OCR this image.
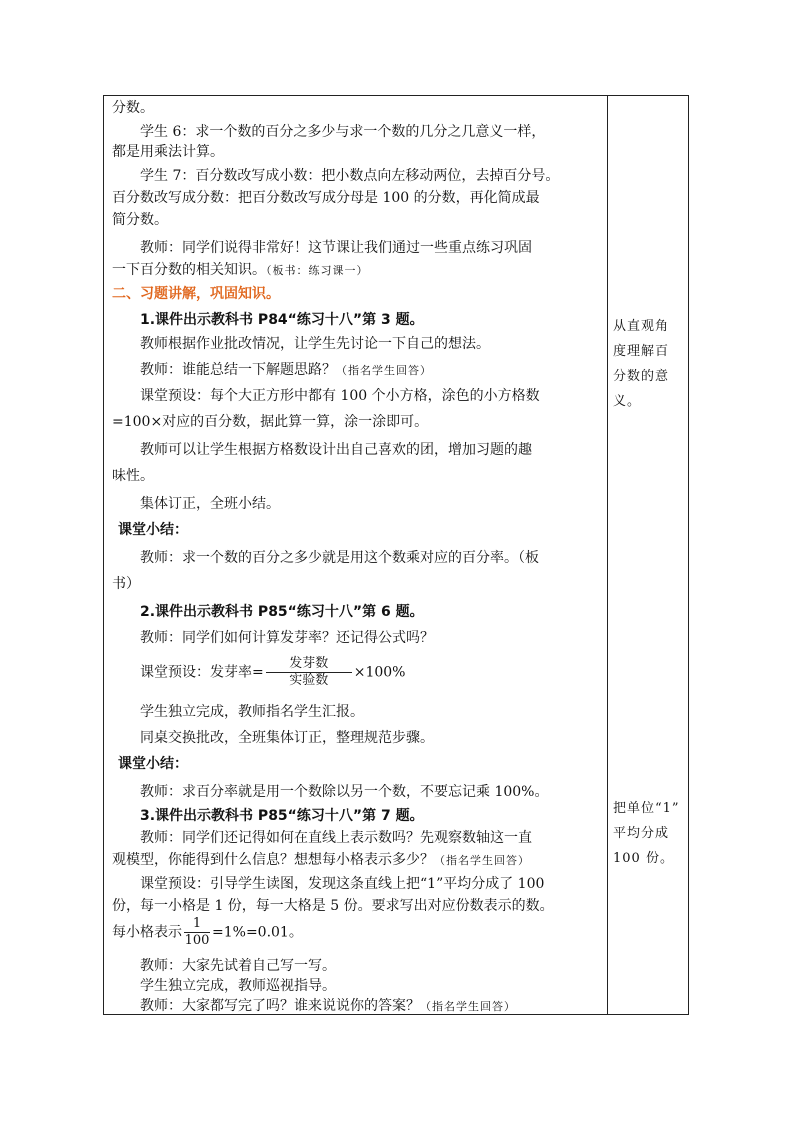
分数。
学生 6：求一个数的百分之多少与求一个数的几分之几意义一样，
都是用乘法计算。
学生 7：百分数改写成小数：把小数点向左移动两位，去掉百分号。
百分数改写成分数：把百分数改写成分母是 100 的分数，再化简成最
简分数。
教师：同学们说得非常好！这节课让我们通过一些重点练习巩固
一下百分数的相关知识。（板书：练习课一）
二、习题讲解，巩固知识。
1.课件出示教科书 P84“练习十八”第 3 题。
教师根据作业批改情况，让学生先讨论一下自己的想法。
教师：谁能总结一下解题思路？（指名学生回答）
课堂预设：每个大正方形中都有 100 个小方格，涂色的小方格数
=100×对应的百分数，据此算一算，涂一涂即可。
教师可以让学生根据方格数设计出自己喜欢的团，增加习题的趣
味性。
集体订正，全班小结。
课堂小结：
教师：求一个数的百分之多少就是用这个数乘对应的百分率。（板
书）
2.课件出示教科书 P85“练习十八”第 6 题。
教师：同学们如何计算发芽率？还记得公式吗？
课堂预设：发芽率= $\frac{\text{发芽数}}{\text{实验数}} \times 100\%$
学生独立完成，教师指名学生汇报。
同桌交换批改，全班集体订正，整理规范步骤。
课堂小结：
教师：求百分率就是用一个数除以另一个数，不要忘记乘 100%。
3.课件出示教科书 P85“练习十八”第 7 题。
教师：同学们还记得如何在直线上表示数吗？先观察数轴这一直
观模型，你能得到什么信息？想想每小格表示多少？（指名学生回答）
课堂预设：引导学生读图，发现这条直线上把“1”平均分成了 100
份，每一小格是 1 份，每一大格是 5 份。要求写出对应份数表示的数。
每小格表示 $\frac{1}{100} =1\%=0.01$。
教师：大家先试着自己写一写。
学生独立完成，教师巡视指导。
教师：大家都写完了吗？谁来说说你的答案？（指名学生回答）
从直观角
度理解百
分数的意
义。
把单位“1”
平均分成
100 份。
